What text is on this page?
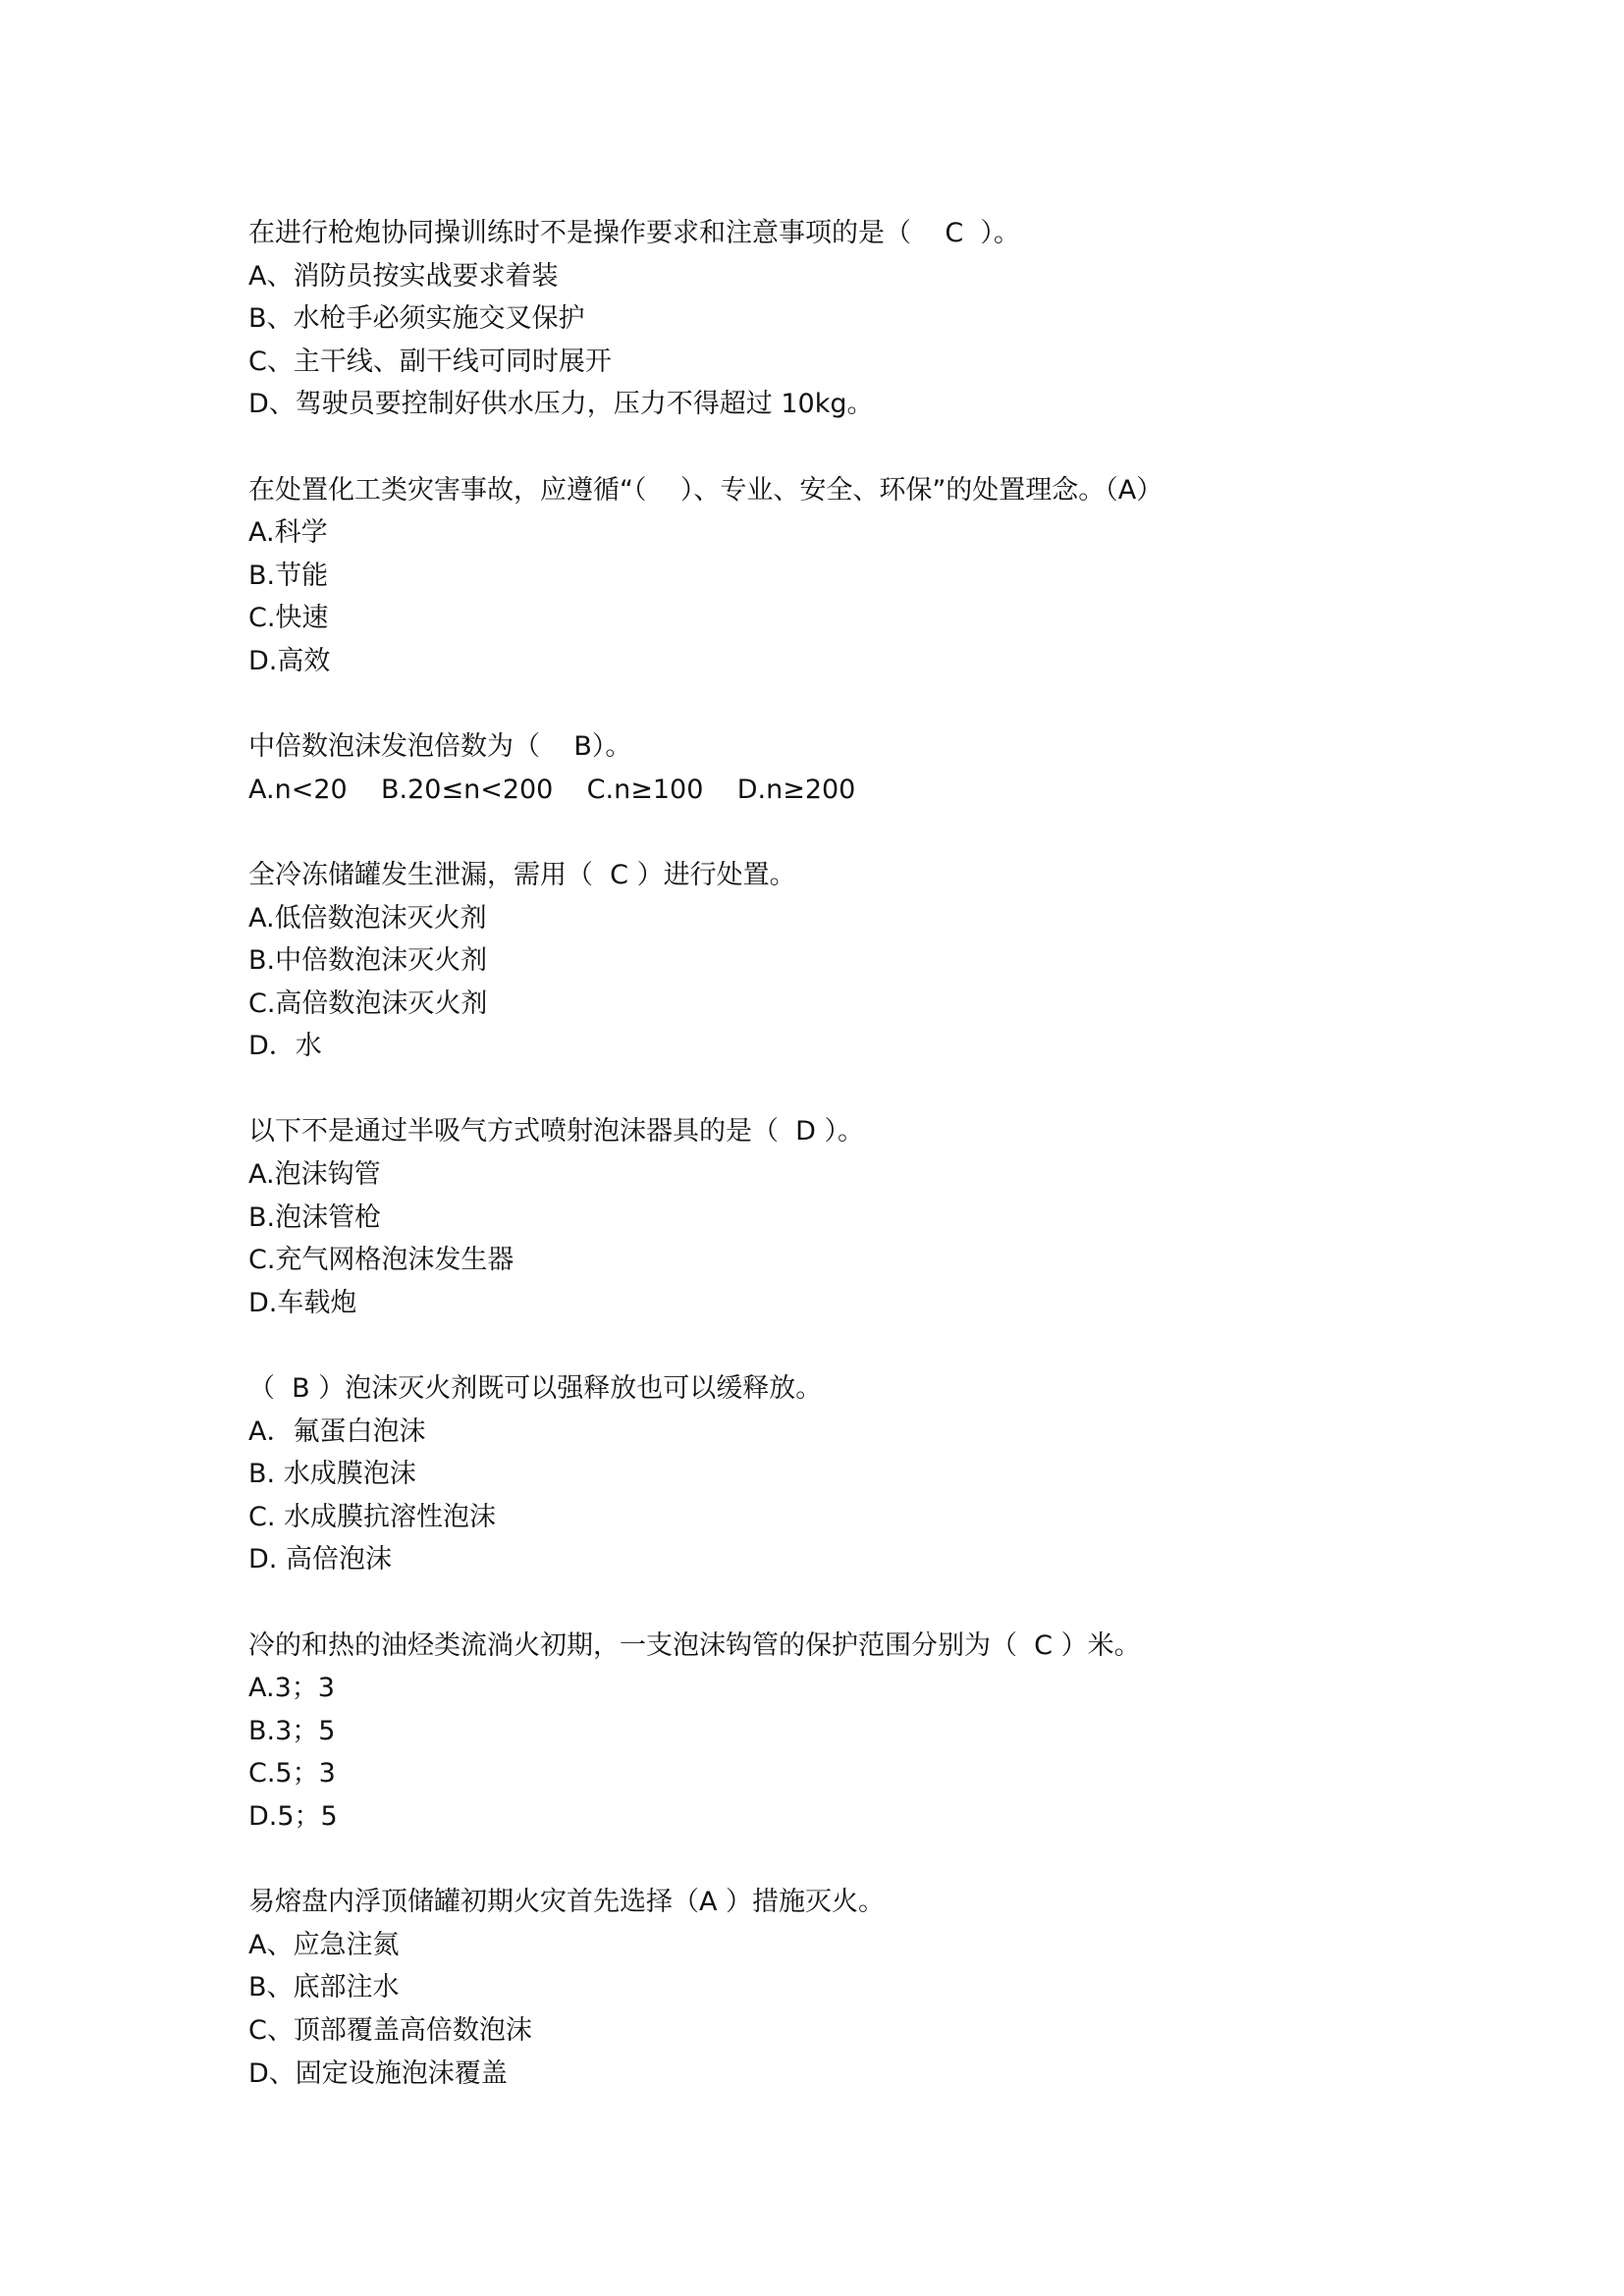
在进行枪炮协同操训练时不是操作要求和注意事项的是（    C  ）。
A、消防员按实战要求着装
B、水枪手必须实施交叉保护
C、主干线、副干线可同时展开
D、驾驶员要控制好供水压力，压力不得超过 10kg。
在处置化工类灾害事故，应遵循“（    ）、专业、安全、环保”的处置理念。（A）
A.科学
B.节能
C.快速
D.高效
中倍数泡沫发泡倍数为（    B）。
A.n<20    B.20≤n<200    C.n≥100    D.n≥200
全冷冻储罐发生泄漏，需用（  C ）进行处置。
A.低倍数泡沫灭火剂
B.中倍数泡沫灭火剂
C.高倍数泡沫灭火剂
D．水
以下不是通过半吸气方式喷射泡沫器具的是（  D ）。
A.泡沫钩管
B.泡沫管枪
C.充气网格泡沫发生器
D.车载炮
（  B ）泡沫灭火剂既可以强释放也可以缓释放。
A．氟蛋白泡沫
B. 水成膜泡沫
C. 水成膜抗溶性泡沫
D. 高倍泡沫
冷的和热的油烃类流淌火初期，一支泡沫钩管的保护范围分别为（  C ）米。
A.3；3
B.3；5
C.5；3
D.5；5
易熔盘内浮顶储罐初期火灾首先选择（A ）措施灭火。
A、应急注氮
B、底部注水
C、顶部覆盖高倍数泡沫
D、固定设施泡沫覆盖
